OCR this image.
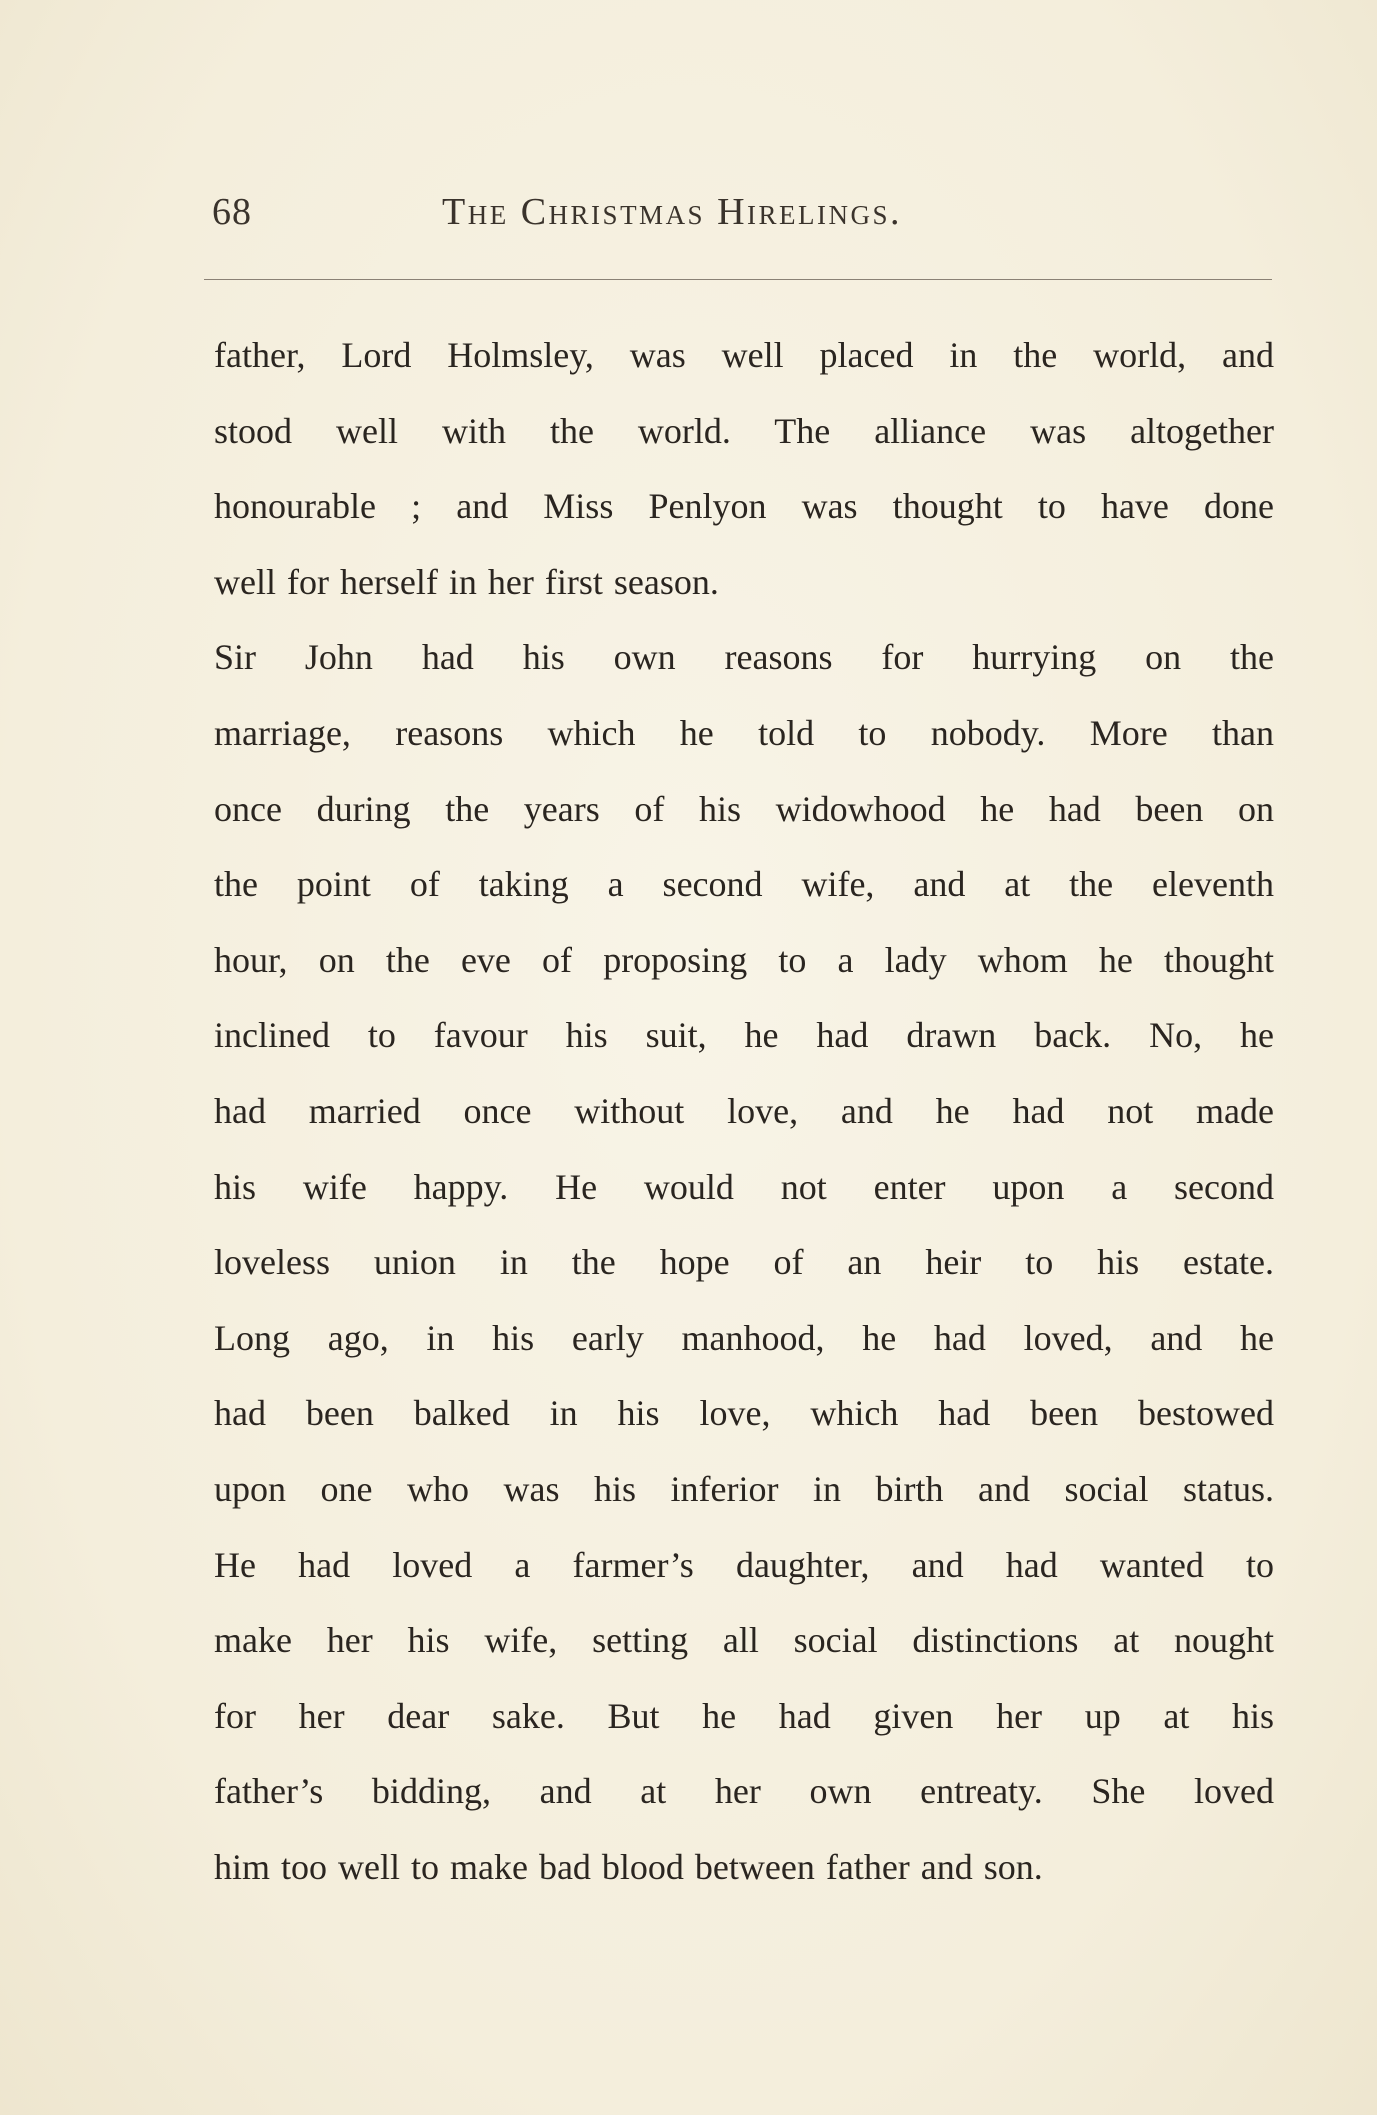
68	The Christmas Hirelings.
father, Lord Holmsley, was well placed in the world, and
stood well with the world. The alliance was altogether
honourable ; and Miss Penlyon was thought to have done
well for herself in her first season.
Sir John had his own reasons for hurrying on the
marriage, reasons which he told to nobody. More than
once during the years of his widowhood he had been on
the point of taking a second wife, and at the eleventh
hour, on the eve of proposing to a lady whom he thought
inclined to favour his suit, he had drawn back. No, he
had married once without love, and he had not made
his wife happy. He would not enter upon a second
loveless union in the hope of an heir to his estate.
Long ago, in his early manhood, he had loved, and he
had been balked in his love, which had been bestowed
upon one who was his inferior in birth and social status.
He had loved a farmer’s daughter, and had wanted to
make her his wife, setting all social distinctions at nought
for her dear sake. But he had given her up at his
father’s bidding, and at her own entreaty. She loved
him too well to make bad blood between father and son.
